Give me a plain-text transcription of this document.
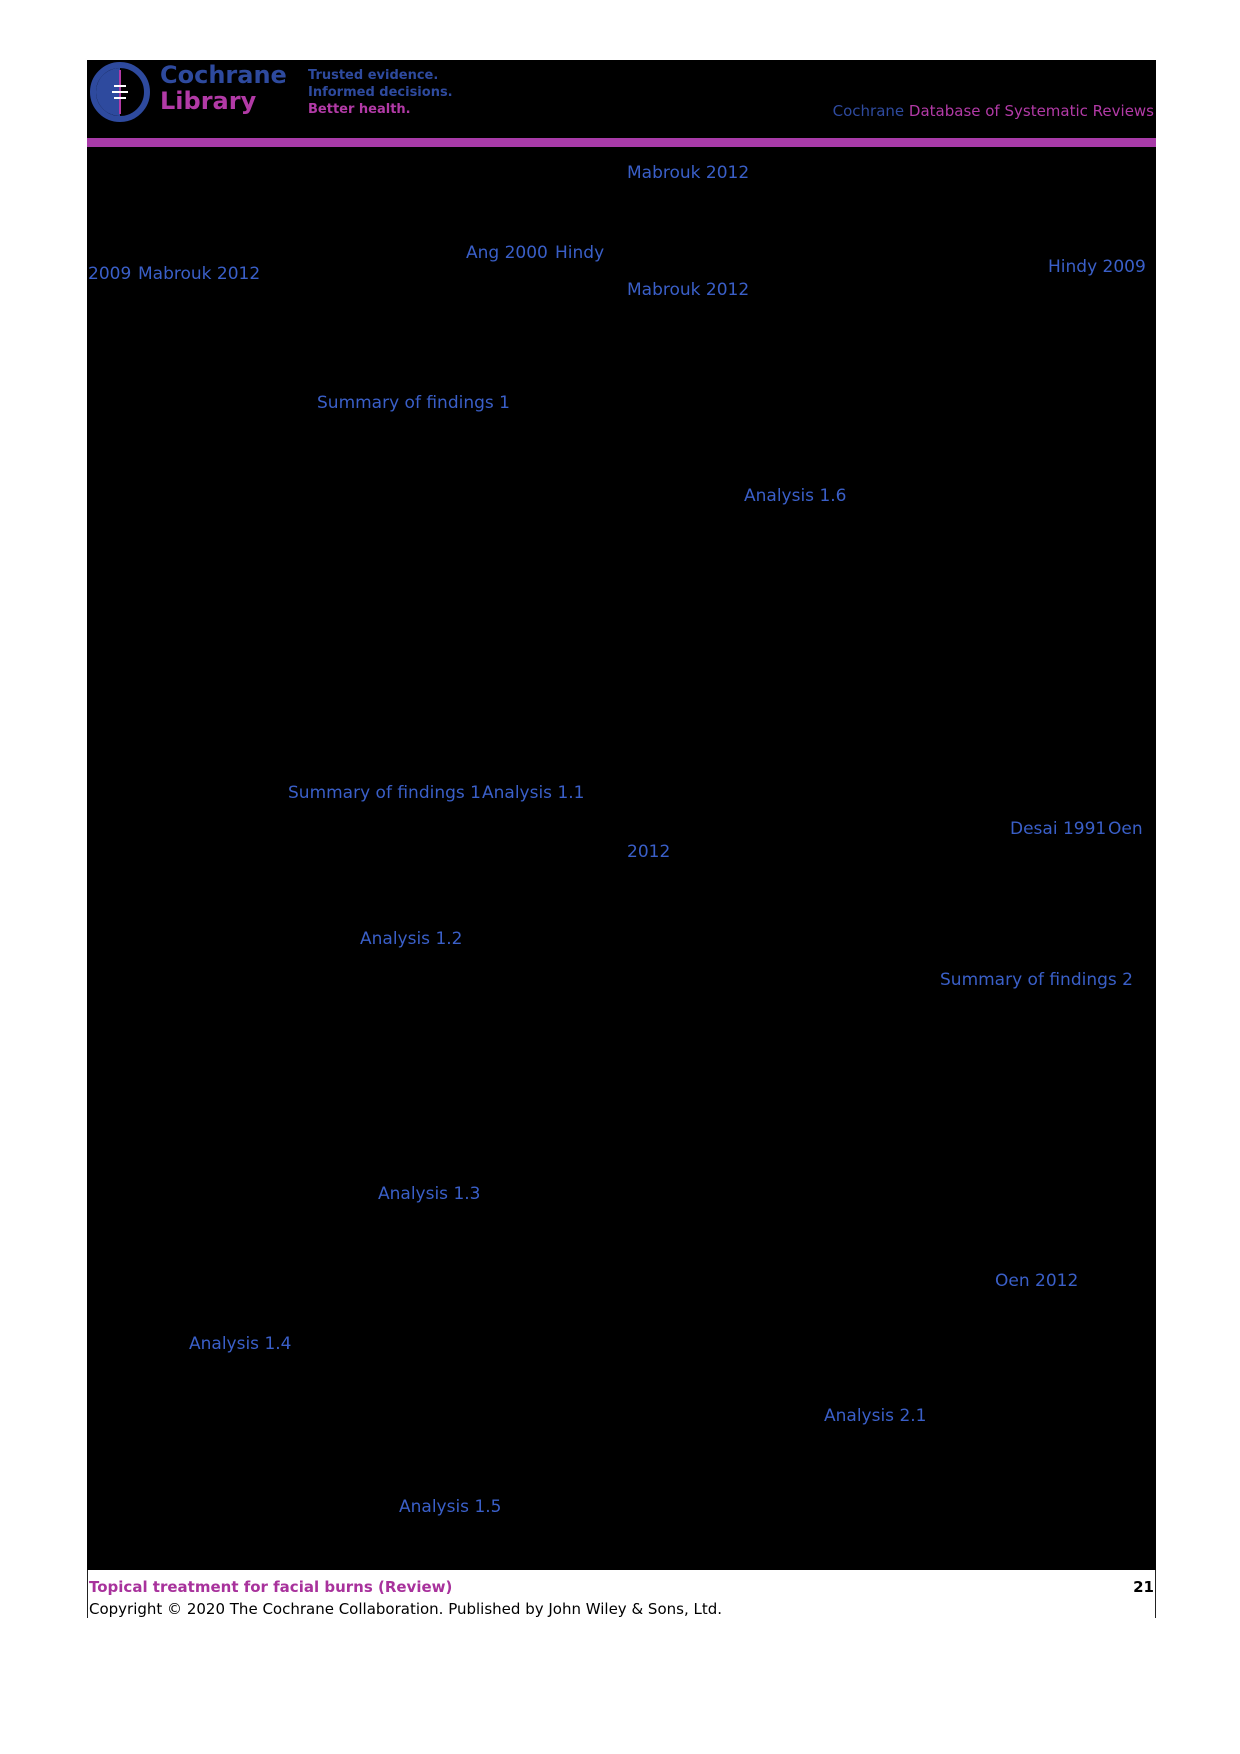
Cochrane
Library
Trusted evidence.
Informed decisions.
Better health.	Cochrane Database of Systematic Reviews
Mabrouk 2012
Ang 2000 Hindy
2009 Mabrouk 2012	Hindy 2009
Mabrouk 2012
Summary of findings 1
Analysis 1.6
Summary of findings 1 Analysis 1.1
Desai 1991 Oen
2012
Analysis 1.2
Summary of findings 2
Analysis 1.3
Oen 2012
Analysis 1.4
Analysis 2.1
Analysis 1.5
Topical treatment for facial burns (Review)	21
Copyright © 2020 The Cochrane Collaboration. Published by John Wiley & Sons, Ltd.
